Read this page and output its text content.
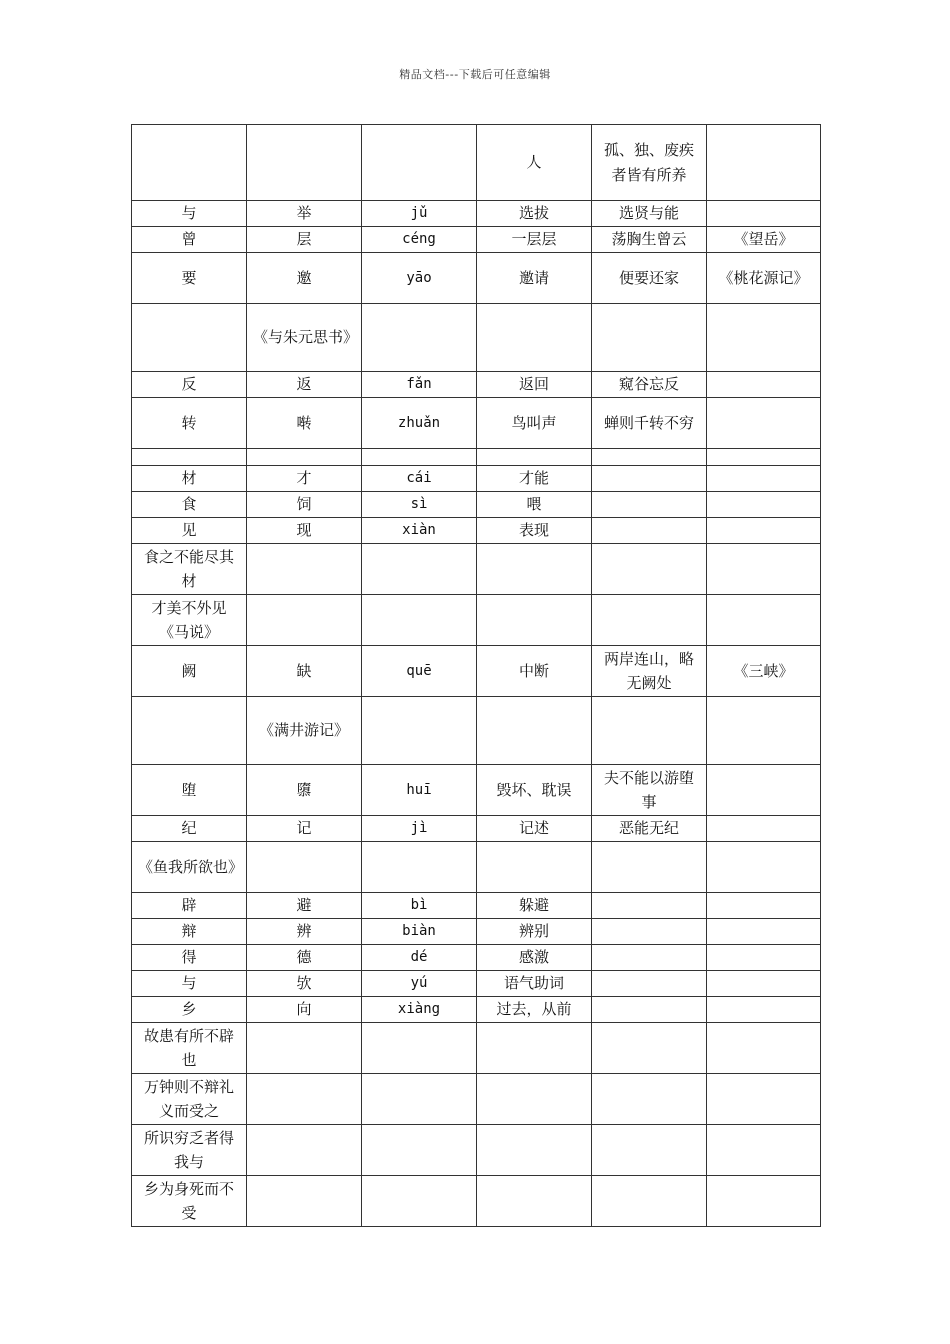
精品文档---下载后可任意编辑
			人	孤、独、废疾者皆有所养	
与	举	jǔ	选拔	选贤与能	
曾	层	céng	一层层	荡胸生曾云	《望岳》
要	邀	yāo	邀请	便要还家	《桃花源记》
	《与朱元思书》				
反	返	fǎn	返回	窥谷忘反	
转	啭	zhuǎn	鸟叫声	蝉则千转不穷	

材	才	cái	才能		
食	饲	sì	喂		
见	现	xiàn	表现		
食之不能尽其材					
才美不外见《马说》					
阙	缺	quē	中断	两岸连山，略无阙处	《三峡》
	《满井游记》				
堕	隳	huī	毁坏、耽误	夫不能以游堕事	
纪	记	jì	记述	恶能无纪	
《鱼我所欲也》					
辟	避	bì	躲避		
辩	辨	biàn	辨别		
得	德	dé	感激		
与	欤	yú	语气助词		
乡	向	xiàng	过去，从前		
故患有所不辟也					
万钟则不辩礼义而受之					
所识穷乏者得我与					
乡为身死而不受					
